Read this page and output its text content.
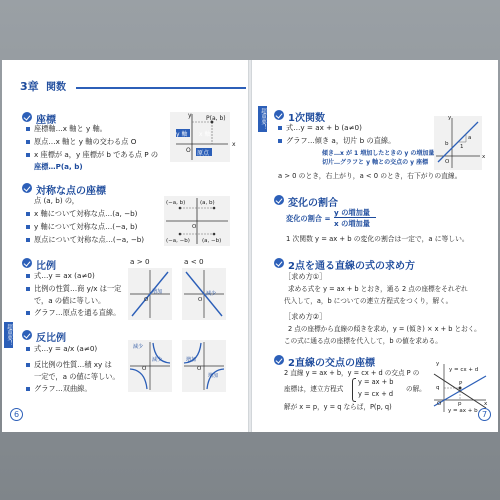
3章 関数
座標
座標軸…x 軸と y 軸。
原点…x 軸と y 軸の交わる点 O
x 座標が a，y 座標が b である点 P の
座標…P(a, b)
y P(a, b)
x 軸
y 軸
O
x
原点
対称な点の座標
点 (a, b) の，
x 軸について対称な点…(a, −b)
y 軸について対称な点…(−a, b)
原点について対称な点…(−a, −b)
(−a, b)	(a, b)
O
(−a, −b) (a, −b)
比例	a > 0	a < 0
式…y = ax (a≠0)
比例の性質…商 y/x は一定
で，a の値に等しい。
グラフ…原点を通る直線。
増加	減少
O	O
超重要！ 反比例
式…y = a/x (a≠0)
反比例の性質…積 xy は
一定で，a の値に等しい。
グラフ…双曲線。
減少
減少
O
増加
増加
O
6
超重要！ 1次関数
式…y = ax + b (a≠0)
グラフ…傾き a，切片 b の直線。
傾き…x が 1 増加したときの y の増加量
切片…グラフと y 軸との交点の y 座標
a > 0 のとき，右上がり，a < 0 のとき，右下がりの直線。
y
1
a
b
O
x
変化の割合
変化の割合 =
y の増加量
x の増加量
1 次関数 y = ax + b の変化の割合は一定で，a に等しい。
2点を通る直線の式の求め方
［求め方①］
求める式を y = ax + b とおき，通る 2 点の座標をそれぞれ
代入して，a，b についての連立方程式をつくり，解く。
［求め方②］
2 点の座標から直線の傾きを求め，y = (傾き) × x + b とおく。
この式に通る点の座標を代入して，b の値を求める。
2直線の交点の座標
2 直線 y = ax + b，y = cx + d の交点 P の
座標は，連立方程式
y = ax + b
y = cx + d
の解。
解が x = p，y = q ならば，P(p, q)
y
y = cx + d
P
q
O	p	x
y = ax + b 7
